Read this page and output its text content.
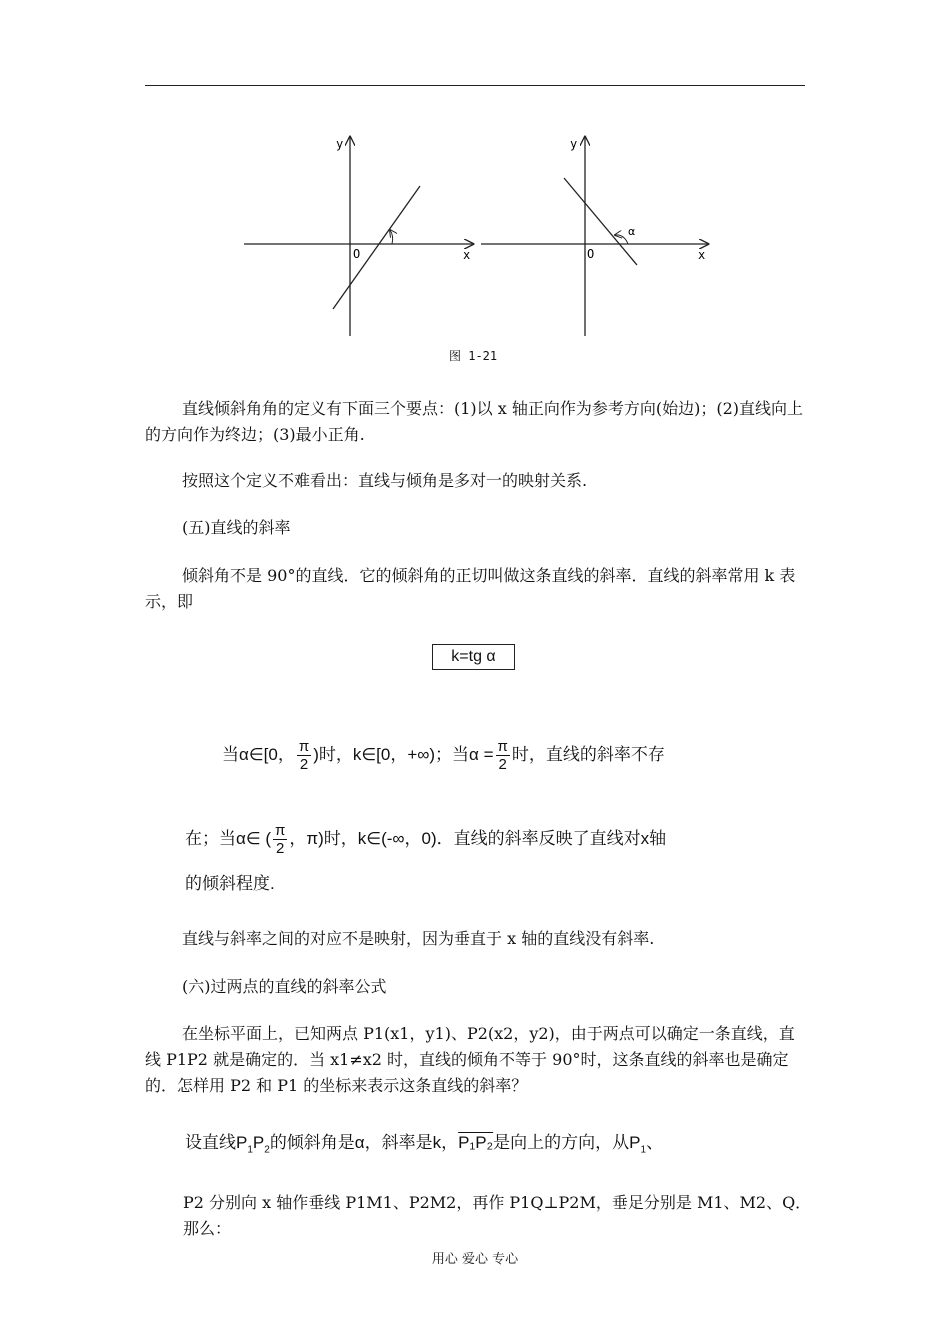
y
x
O
α
y
x
O
图 1-21
直线倾斜角角的定义有下面三个要点：(1)以 x 轴正向作为参考方向(始边)；(2)直线向上的方向作为终边；(3)最小正角.
按照这个定义不难看出：直线与倾角是多对一的映射关系.
(五)直线的斜率
倾斜角不是 90°的直线．它的倾斜角的正切叫做这条直线的斜率．直线的斜率常用 k 表示，即
k=tg α
当α∈[0， $\frac{\pi}{2}$ )时，k∈[0，+∞)；当$\alpha = \frac{\pi}{2}$ 时，直线的斜率不存
在；当α∈ ( $\frac{\pi}{2}$ ，π)时，k∈(-∞，0)．直线的斜率反映了直线对x轴
的倾斜程度.
直线与斜率之间的对应不是映射，因为垂直于 x 轴的直线没有斜率.
(六)过两点的直线的斜率公式
在坐标平面上，已知两点 P1(x1，y1)、P2(x2，y2)，由于两点可以确定一条直线，直线 P1P2 就是确定的．当 x1≠x2 时，直线的倾角不等于 90°时，这条直线的斜率也是确定的．怎样用 P2 和 P1 的坐标来表示这条直线的斜率？
设直线$P_1P_2$的倾斜角是α，斜率是k，P₁P₂是向上的方向，从$P_1$、
P2 分别向 x 轴作垂线 P1M1、P2M2，再作 P1Q⊥P2M，垂足分别是 M1、M2、Q．那么：
用心 爱心 专心
